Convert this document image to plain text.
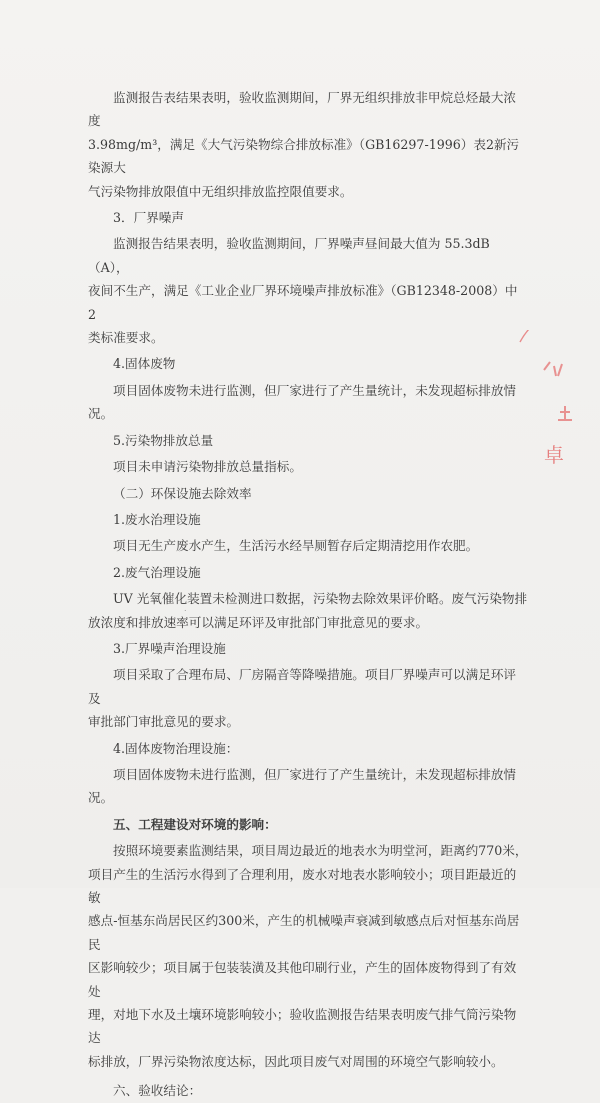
监测报告表结果表明，验收监测期间，厂界无组织排放非甲烷总烃最大浓度

3.98mg/m³，满足《大气污染物综合排放标准》（GB16297-1996）表2新污染源大

气污染物排放限值中无组织排放监控限值要求。

3．厂界噪声

监测报告结果表明，验收监测期间，厂界噪声昼间最大值为 55.3dB（A），

夜间不生产，满足《工业企业厂界环境噪声排放标准》（GB12348-2008）中 2

类标准要求。

4.固体废物

项目固体废物未进行监测，但厂家进行了产生量统计，未发现超标排放情况。

5.污染物排放总量

项目未申请污染物排放总量指标。

（二）环保设施去除效率

1.废水治理设施

项目无生产废水产生，生活污水经旱厕暂存后定期清挖用作农肥。

2.废气治理设施

UV 光氧催化装置未检测进口数据，污染物去除效果评价略。废气污染物排

放浓度和排放速率可以满足环评及审批部门审批意见的要求。

3.厂界噪声治理设施

项目采取了合理布局、厂房隔音等降噪措施。项目厂界噪声可以满足环评及

审批部门审批意见的要求。

4.固体废物治理设施：

项目固体废物未进行监测，但厂家进行了产生量统计，未发现超标排放情况。

五、工程建设对环境的影响：

按照环境要素监测结果，项目周边最近的地表水为明堂河，距离约770米，

项目产生的生活污水得到了合理利用，废水对地表水影响较小；项目距最近的敏

感点-恒基东尚居民区约300米，产生的机械噪声衰减到敏感点后对恒基东尚居民

区影响较少；项目属于包装装潢及其他印刷行业，产生的固体废物得到了有效处

理，对地下水及土壤环境影响较小；验收监测报告结果表明废气排气筒污染物达

标排放，厂界污染物浓度达标，因此项目废气对周围的环境空气影响较小。

六、验收结论：

卓
.
